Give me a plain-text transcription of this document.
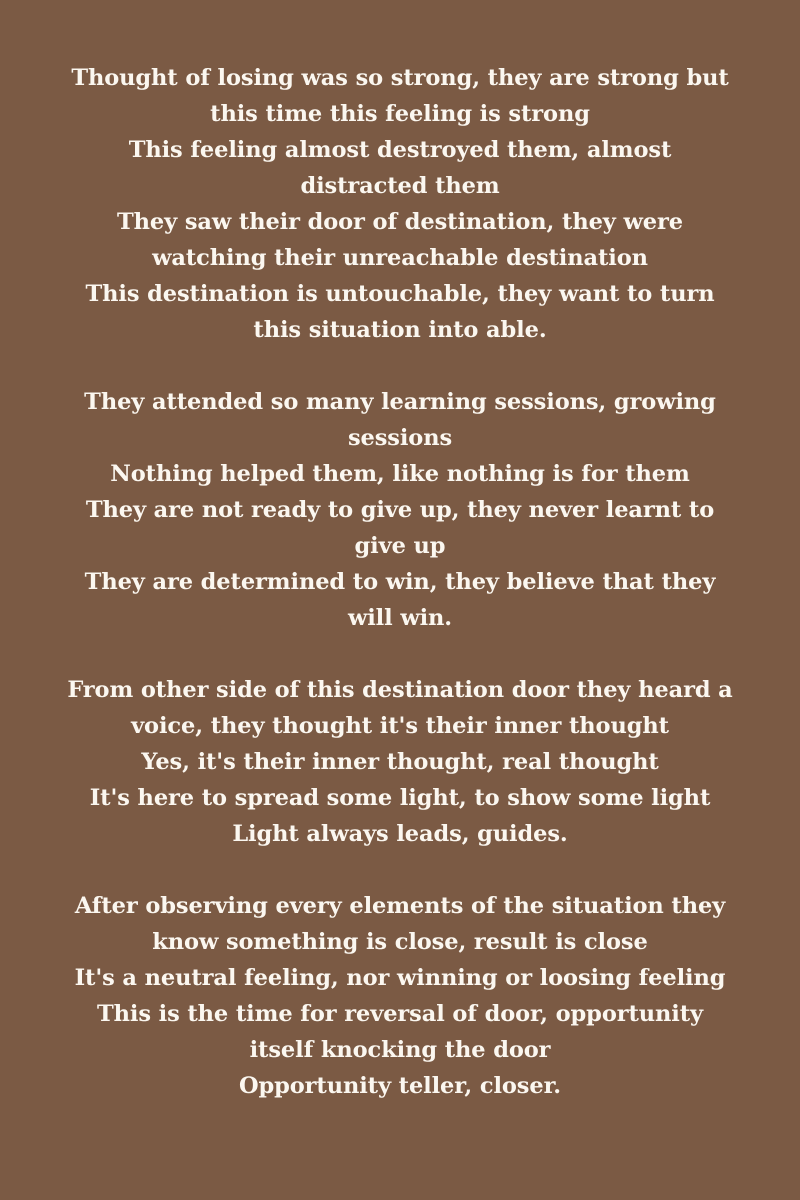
Thought of losing was so strong, they are strong but this time this feeling is strong
This feeling almost destroyed them, almost distracted them
They saw their door of destination, they were watching their unreachable destination
This destination is untouchable, they want to turn this situation into able.
They attended so many learning sessions, growing sessions
Nothing helped them, like nothing is for them
They are not ready to give up, they never learnt to give up
They are determined to win, they believe that they will win.
From other side of this destination door they heard a voice, they thought it's their inner thought
Yes, it's their inner thought, real thought
It's here to spread some light, to show some light
Light always leads, guides.
After observing every elements of the situation they know something is close, result is close
It's a neutral feeling, nor winning or loosing feeling
This is the time for reversal of door, opportunity itself knocking the door
Opportunity teller, closer.
